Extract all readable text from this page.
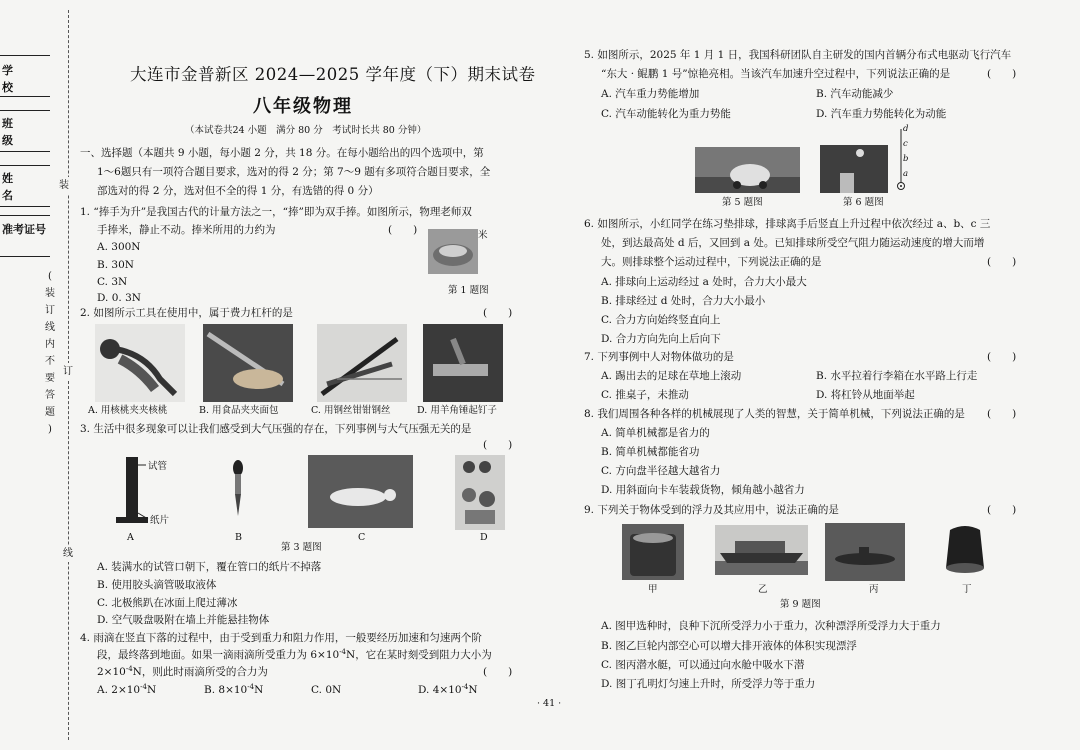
学 校
班 级
姓 名
准考证号
(
装
订
线
内
不
要
答
题
)
装
订
线
大连市金普新区 2024—2025 学年度（下）期末试卷
八年级物理
（本试卷共24 小题　满分 80 分　考试时长共 80 分钟）
一、选择题（本题共 9 小题，每小题 2 分，共 18 分。在每小题给出的四个选项中，第
1～6题只有一项符合题目要求，选对的得 2 分；第 7～9 题有多项符合题目要求，全
部选对的得 2 分，选对但不全的得 1 分，有选错的得 0 分）
1. “捧手为升”是我国古代的计量方法之一，“捧”即为双手捧。如图所示，物理老师双
手捧米，静止不动。捧米所用的力约为	(　　)
A. 300N
B. 30N
C. 3N
D. 0. 3N
米
第 1 题图
2. 如图所示工具在使用中，属于费力杠杆的是	(　　)
A. 用核桃夹夹核桃	B. 用食品夹夹面包	C. 用钢丝钳钳钢丝	D. 用羊角锤起钉子
3. 生活中很多现象可以让我们感受到大气压强的存在，下列事例与大气压强无关的是
(　　)
试管
纸片
A	B	C	D
第 3 题图
A. 装满水的试管口朝下，覆在管口的纸片不掉落
B. 使用胶头滴管吸取液体
C. 北极熊趴在冰面上爬过薄冰
D. 空气吸盘吸附在墙上并能悬挂物体
4. 雨滴在竖直下落的过程中，由于受到重力和阻力作用，一般要经历加速和匀速两个阶
段，最终落到地面。如果一滴雨滴所受重力为 $6\times 10^{-4}N$，它在某时刻受到阻力大小为
$2\times 10^{-4}N$，则此时雨滴所受的合力为	(　　)
A. $2\times 10^{-4}N$	B. $8\times 10^{-4}N$	C. 0N	D. $4\times 10^{-4}N$
· 41 ·
5. 如图所示，2025 年 1 月 1 日，我国科研团队自主研发的国内首辆分布式电驱动飞行汽车
“东大 · 鲲鹏 1 号”惊艳亮相。当该汽车加速升空过程中，下列说法正确的是	(　　)
A. 汽车重力势能增加	B. 汽车动能减少
C. 汽车动能转化为重力势能	D. 汽车重力势能转化为动能
第 5 题图
d
c
b
a
第 6 题图
6. 如图所示，小红同学在练习垫排球，排球离手后竖直上升过程中依次经过 a、b、c 三
处，到达最高处 d 后，又回到 a 处。已知排球所受空气阻力随运动速度的增大而增
大。则排球整个运动过程中，下列说法正确的是	(　　)
A. 排球向上运动经过 a 处时，合力大小最大
B. 排球经过 d 处时，合力大小最小
C. 合力方向始终竖直向上
D. 合力方向先向上后向下
7. 下列事例中人对物体做功的是	(　　)
A. 踢出去的足球在草地上滚动	B. 水平拉着行李箱在水平路上行走
C. 推桌子，未推动	D. 将杠铃从地面举起
8. 我们周围各种各样的机械展现了人类的智慧，关于简单机械，下列说法正确的是 (　　)
A. 简单机械都是省力的
B. 简单机械都能省功
C. 方向盘半径越大越省力
D. 用斜面向卡车装载货物，倾角越小越省力
9. 下列关于物体受到的浮力及其应用中，说法正确的是	(　　)
甲	乙	丙	丁
第 9 题图
A. 图甲选种时，良种下沉所受浮力小于重力，次种漂浮所受浮力大于重力
B. 图乙巨轮内部空心可以增大排开液体的体积实现漂浮
C. 图丙潜水艇，可以通过向水舱中吸水下潜
D. 图丁孔明灯匀速上升时，所受浮力等于重力
